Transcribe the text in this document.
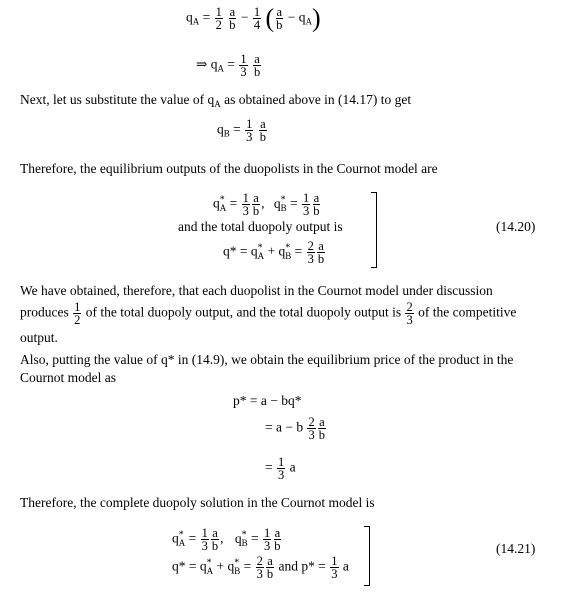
$q_A = \frac{1}{2}$
$\frac{a}{b} - \frac{1}{4}$ ( $\frac{a}{b} - q_A$)
⇒ $q_A = \frac{1}{3}$
$\frac{a}{b}$
Next, let us substitute the value of $q_A$ as obtained above in (14.17) to get
$q_B = \frac{1}{3}$
$\frac{a}{b}$
Therefore, the equilibrium outputs of the duopolists in the Cournot model are
$q^*_A = \frac{1}{3} \frac{a}{b}$ , $q^*_B = \frac{1}{3} \frac{a}{b}$
and the total duopoly output is
$q* = q^*_A + q^*_B = \frac{2}{3} \frac{a}{b}$
(14.20)
We have obtained, therefore, that each duopolist in the Cournot model under discussion
produces $\frac{1}{2}$ of the total duopoly output, and the total duopoly output is $\frac{2}{3}$ of the competitive
output.
Also, putting the value of q* in (14.9), we obtain the equilibrium price of the product in the
Cournot model as
p* = a − bq*
= a − b $\frac{2}{3} \frac{a}{b}$
= $\frac{1}{3}$ a
Therefore, the complete duopoly solution in the Cournot model is
$q^*_A = \frac{1}{3} \frac{a}{b}$ , $q^*_B = \frac{1}{3} \frac{a}{b}$
$q* = q^*_A + q^*_B = \frac{2}{3} \frac{a}{b}$ and $p* = \frac{1}{3}$ a
(14.21)
